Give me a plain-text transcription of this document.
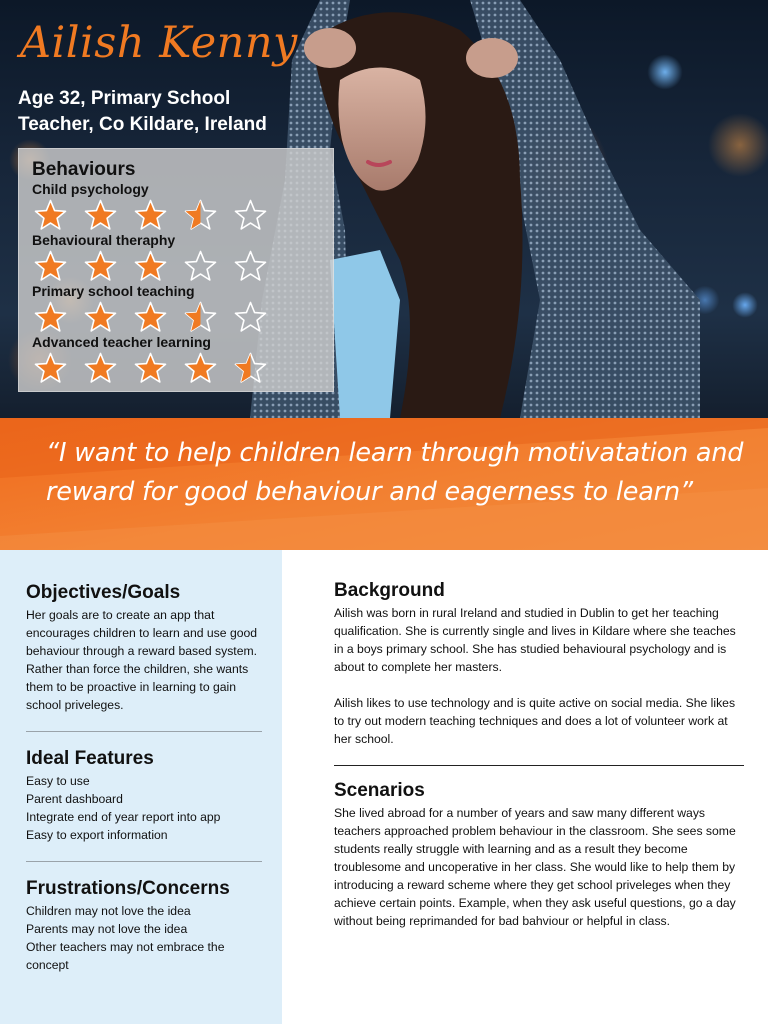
Ailish Kenny
Age 32, Primary School Teacher, Co Kildare, Ireland
Behaviours
Child psychology
Behavioural theraphy
Primary school teaching
Advanced teacher learning
“I want to help children learn through motivatation and reward for good behaviour and eagerness to learn”
Objectives/Goals
Her goals are to create an app that encourages children to learn and use good behaviour through a reward based system. Rather than force the children, she wants them to be proactive in learning to gain school priveleges.
Ideal Features
Easy to use
Parent dashboard
Integrate end of year report into app
Easy to export information
Frustrations/Concerns
Children may not love the idea
Parents may not love the idea
Other teachers may not embrace the concept
Background
Ailish was born in rural Ireland and studied in Dublin to get her teaching qualification. She is currently single and lives in Kildare where she teaches in a boys primary school. She has studied behavioural psychology and is about to complete her masters.
Ailish likes to use technology and is quite active on social media. She likes to try out modern teaching techniques and does a lot of volunteer work at her school.
Scenarios
She lived abroad for a number of years and saw many different ways teachers approached problem behaviour in the classroom. She sees some students really struggle with learning and as a result they become troublesome and uncoperative in her class. She would like to help them by introducing a reward scheme where they get school priveleges when they achieve certain points. Example, when they ask useful questions, go a day without being reprimanded for bad bahviour or helpful in class.
